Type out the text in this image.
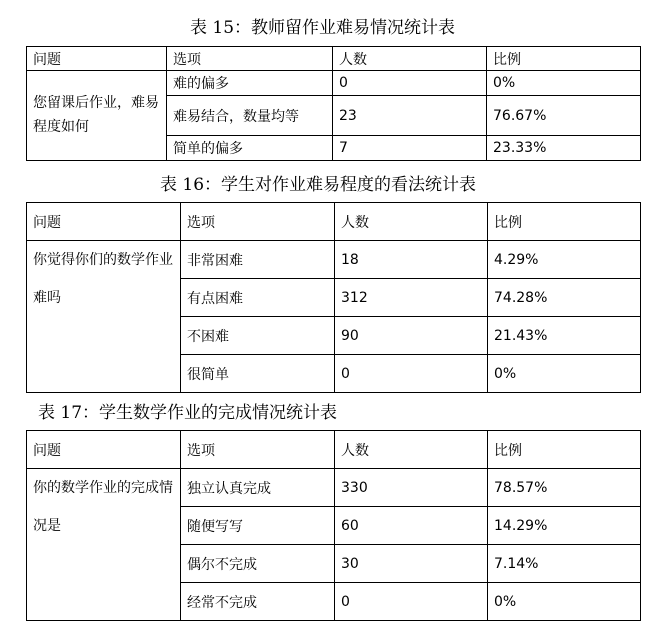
表 15：教师留作业难易情况统计表
问题	选项	人数	比例
您留课后作业，难易程度如何	难的偏多	0	0%
	难易结合，数量均等	23	76.67%
	简单的偏多	7	23.33%
表 16：学生对作业难易程度的看法统计表
问题	选项	人数	比例
你觉得你们的数学作业难吗	非常困难	18	4.29%
	有点困难	312	74.28%
	不困难	90	21.43%
	很简单	0	0%
表 17：学生数学作业的完成情况统计表
问题	选项	人数	比例
你的数学作业的完成情况是	独立认真完成	330	78.57%
	随便写写	60	14.29%
	偶尔不完成	30	7.14%
	经常不完成	0	0%
